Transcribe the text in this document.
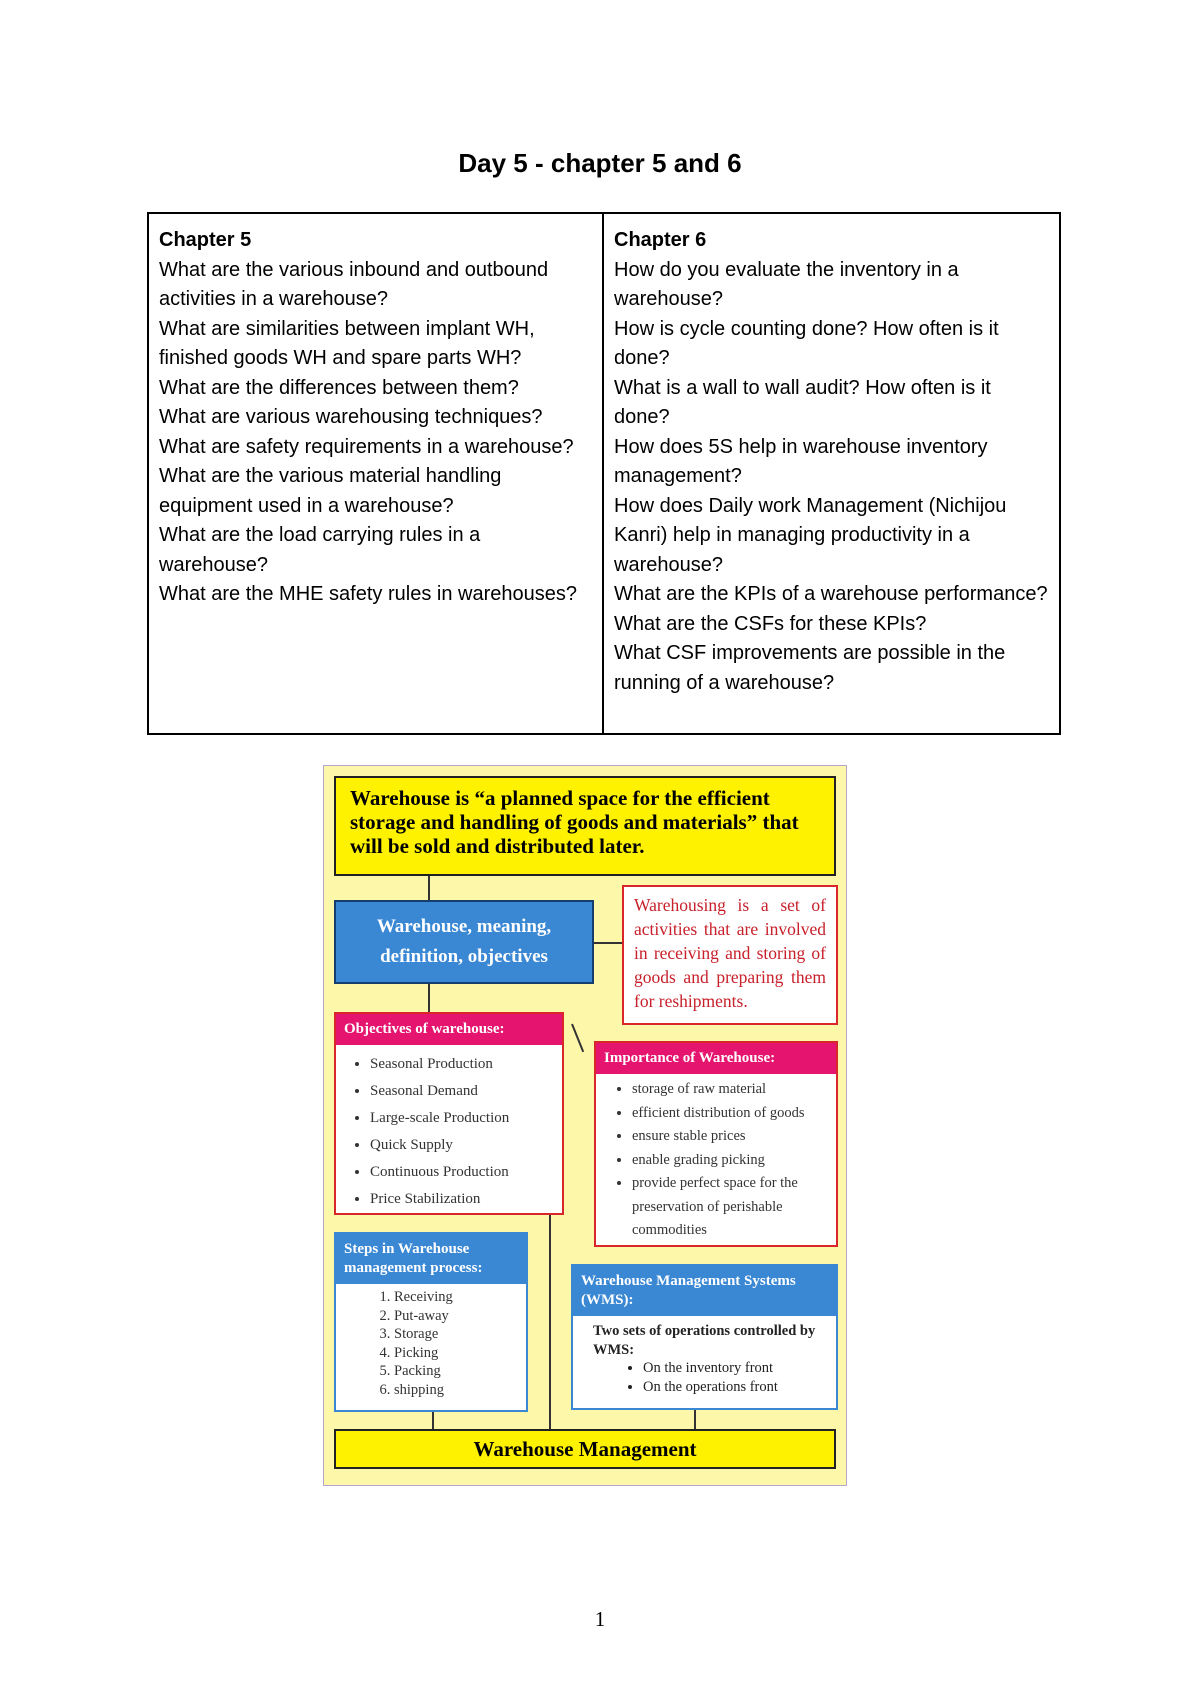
Day 5 - chapter 5 and 6

Chapter 5

What are the various inbound and outbound activities in a warehouse?

What are similarities between implant WH, finished goods WH and spare parts WH?

What are the differences between them?

What are various warehousing techniques?

What are safety requirements in a warehouse?

What are the various material handling equipment used in a warehouse?

What are the load carrying rules in a warehouse?

What are the MHE safety rules in warehouses?

Chapter 6

How do you evaluate the inventory in a warehouse?

How is cycle counting done? How often is it done?

What is a wall to wall audit? How often is it done?

How does 5S help in warehouse inventory management?

How does Daily work Management (Nichijou Kanri) help in managing productivity in a warehouse?

What are the KPIs of a warehouse performance?

What are the CSFs for these KPIs?

What CSF improvements are possible in the running of a warehouse?

Warehouse is “a planned space for the efficient storage and handling of goods and materials” that will be sold and distributed later.
Warehouse, meaning, definition, objectives
Warehousing is a set of activities that are involved in receiving and storing of goods and preparing them for reshipments.
Objectives of warehouse:
• Seasonal Production
• Seasonal Demand
• Large-scale Production
• Quick Supply
• Continuous Production
• Price Stabilization
Importance of Warehouse:
• storage of raw material
• efficient distribution of goods
• ensure stable prices
• enable grading picking
• provide perfect space for the preservation of perishable commodities
Steps in Warehouse management process:
1. Receiving
2. Put-away
3. Storage
4. Picking
5. Packing
6. shipping
Warehouse Management Systems (WMS):
Two sets of operations controlled by WMS:
• On the inventory front
• On the operations front
Warehouse Management
1
